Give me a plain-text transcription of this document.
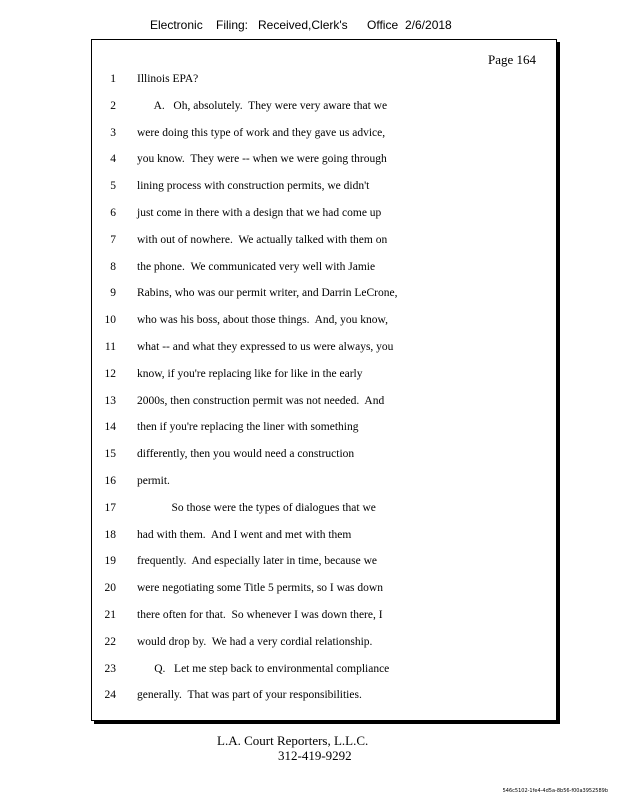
Electronic Filing: Received,Clerk's Office 2/6/2018
Page 164
1 Illinois EPA?
2 A.   Oh, absolutely.  They were very aware that we
3 were doing this type of work and they gave us advice,
4 you know.  They were -- when we were going through
5 lining process with construction permits, we didn't
6 just come in there with a design that we had come up
7 with out of nowhere.  We actually talked with them on
8 the phone.  We communicated very well with Jamie
9 Rabins, who was our permit writer, and Darrin LeCrone,
10 who was his boss, about those things.  And, you know,
11 what -- and what they expressed to us were always, you
12 know, if you're replacing like for like in the early
13 2000s, then construction permit was not needed.  And
14 then if you're replacing the liner with something
15 differently, then you would need a construction
16 permit.
17 So those were the types of dialogues that we
18 had with them.  And I went and met with them
19 frequently.  And especially later in time, because we
20 were negotiating some Title 5 permits, so I was down
21 there often for that.  So whenever I was down there, I
22 would drop by.  We had a very cordial relationship.
23 Q.   Let me step back to environmental compliance
24 generally.  That was part of your responsibilities.
L.A. Court Reporters, L.L.C.
312-419-9292
546c5102-1fe4-4d5a-8b56-f00a3952589b
